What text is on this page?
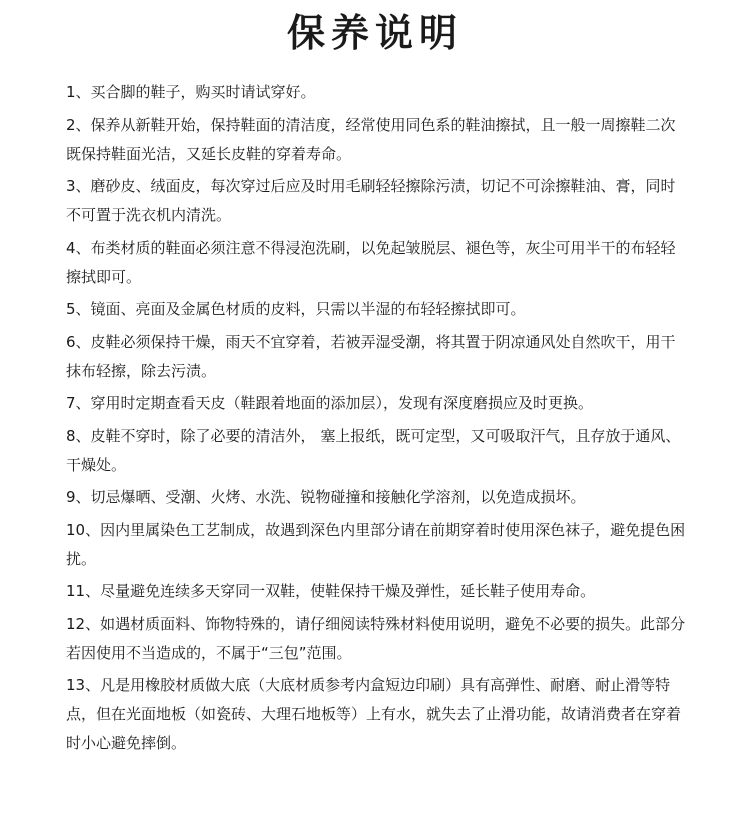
保养说明
1、买合脚的鞋子，购买时请试穿好。
2、保养从新鞋开始，保持鞋面的清洁度，经常使用同色系的鞋油擦拭，且一般一周擦鞋二次既保持鞋面光洁，又延长皮鞋的穿着寿命。
3、磨砂皮、绒面皮，每次穿过后应及时用毛刷轻轻擦除污渍，切记不可涂擦鞋油、膏，同时不可置于洗衣机内清洗。
4、布类材质的鞋面必须注意不得浸泡洗刷，以免起皱脱层、褪色等，灰尘可用半干的布轻轻擦拭即可。
5、镜面、亮面及金属色材质的皮料，只需以半湿的布轻轻擦拭即可。
6、皮鞋必须保持干燥，雨天不宜穿着，若被弄湿受潮，将其置于阴凉通风处自然吹干，用干抹布轻擦，除去污渍。
7、穿用时定期查看天皮（鞋跟着地面的添加层），发现有深度磨损应及时更换。
8、皮鞋不穿时，除了必要的清洁外， 塞上报纸，既可定型，又可吸取汗气，且存放于通风、干燥处。
9、切忌爆晒、受潮、火烤、水洗、锐物碰撞和接触化学溶剂，以免造成损坏。
10、因内里属染色工艺制成，故遇到深色内里部分请在前期穿着时使用深色袜子，避免提色困扰。
11、尽量避免连续多天穿同一双鞋，使鞋保持干燥及弹性，延长鞋子使用寿命。
12、如遇材质面料、饰物特殊的，请仔细阅读特殊材料使用说明，避免不必要的损失。此部分若因使用不当造成的，不属于“三包”范围。
13、凡是用橡胶材质做大底（大底材质参考内盒短边印刷）具有高弹性、耐磨、耐止滑等特点，但在光面地板（如瓷砖、大理石地板等）上有水，就失去了止滑功能，故请消费者在穿着时小心避免摔倒。
